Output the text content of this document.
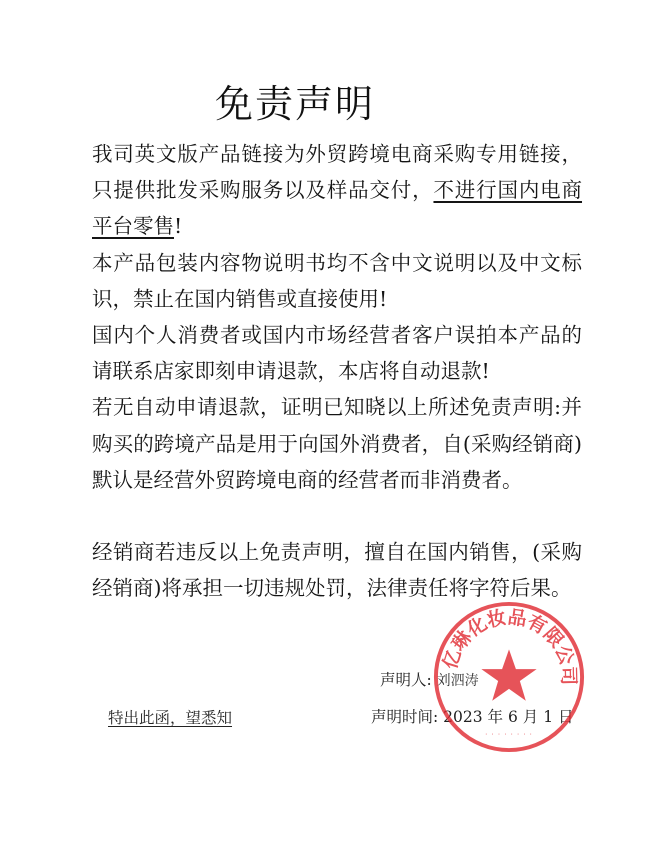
免责声明

我司英文版产品链接为外贸跨境电商采购专用链接，只提供批发采购服务以及样品交付，不进行国内电商平台零售!

本产品包装内容物说明书均不含中文说明以及中文标识，禁止在国内销售或直接使用!

国内个人消费者或国内市场经营者客户误拍本产品的请联系店家即刻申请退款，本店将自动退款!

若无自动申请退款，证明已知晓以上所述免责声明:并购买的跨境产品是用于向国外消费者，自(采购经销商)默认是经营外贸跨境电商的经营者而非消费者。

经销商若违反以上免责声明，擅自在国内销售，(采购经销商)将承担一切违规处罚，法律责任将字符后果。

特出此函，望悉知
声明人: 刘泗涛
声明时间: 2023 年 6 月 1 日
亿琳化妆品有限公司
· · · · · · · ·
